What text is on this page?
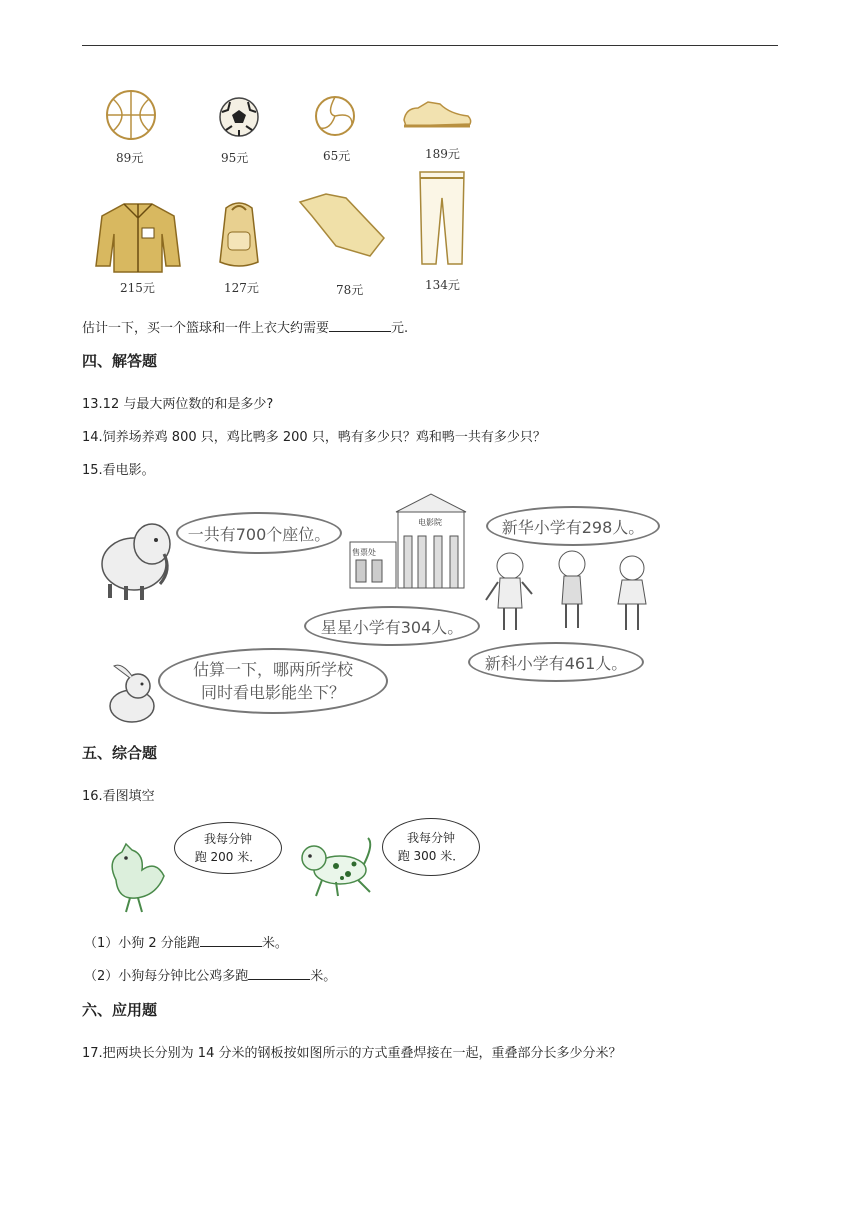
89元	95元	65元	189元
215元	127元	78元	134元
估计一下，买一个篮球和一件上衣大约需要	元.
四、解答题
13.12 与最大两位数的和是多少?
14.饲养场养鸡 800 只，鸡比鸭多 200 只，鸭有多少只？鸡和鸭一共有多少只？
15.看电影。
一共有700个座位。
售票处
电影院	新华小学有298人。
星星小学有304人。
新科小学有461人。
估算一下，哪两所学校
同时看电影能坐下？
五、综合题
16.看图填空
我每分钟
跑 200 米．
我每分钟
跑 300 米．
（1）小狗 2 分能跑	米。
（2）小狗每分钟比公鸡多跑	米。
六、应用题
17.把两块长分别为 14 分米的钢板按如图所示的方式重叠焊接在一起，重叠部分长多少分米？
